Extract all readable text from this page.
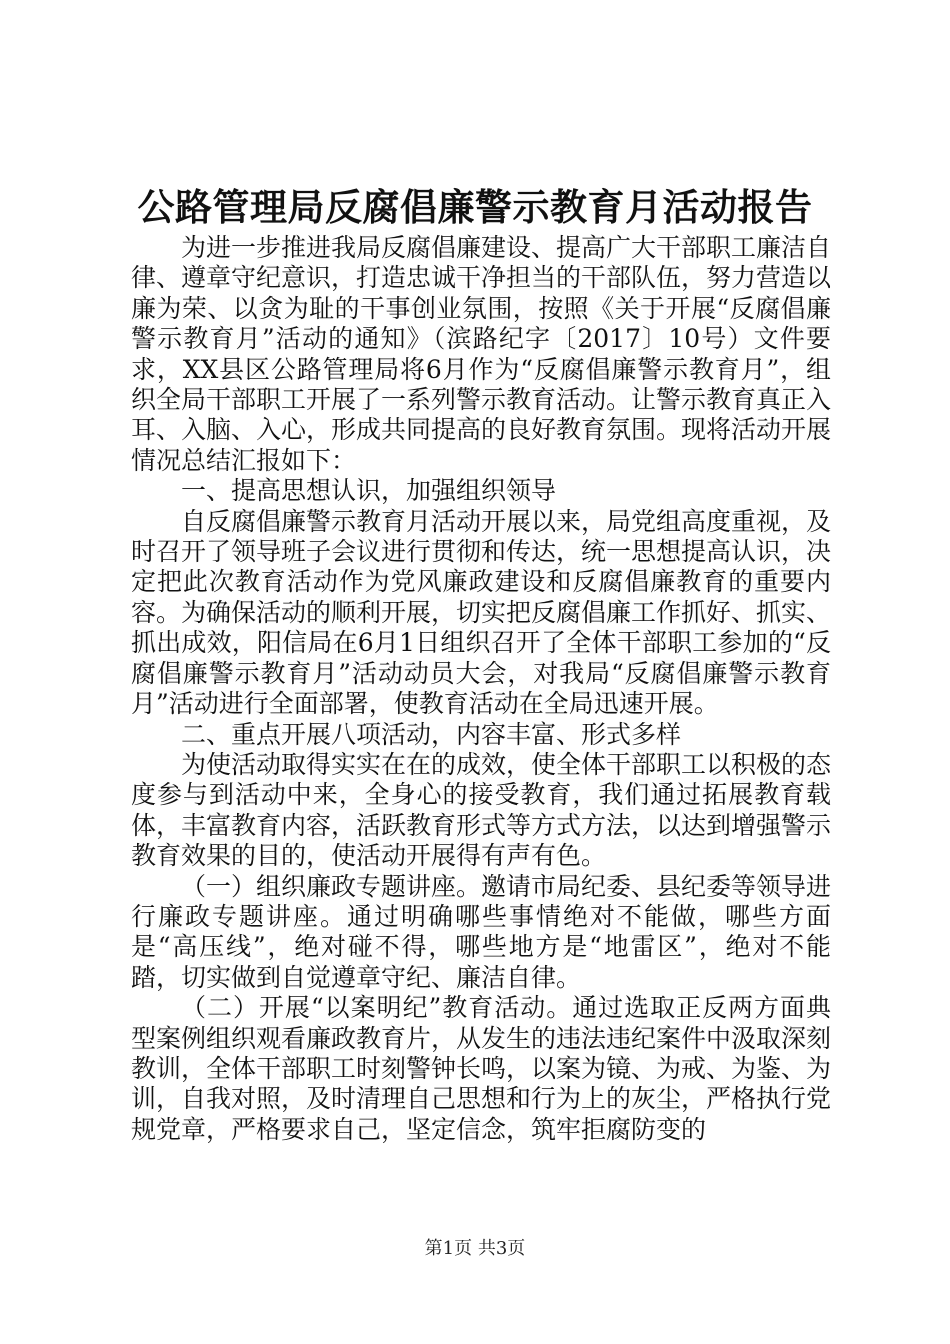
公路管理局反腐倡廉警示教育月活动报告

为进一步推进我局反腐倡廉建设、提高广大干部职工廉洁自律、遵章守纪意识，打造忠诚干净担当的干部队伍，努力营造以廉为荣、以贪为耻的干事创业氛围，按照《关于开展“反腐倡廉警示教育月”活动的通知》（滨路纪字〔2017〕10号）文件要求，XX县区公路管理局将6月作为“反腐倡廉警示教育月”，组织全局干部职工开展了一系列警示教育活动。让警示教育真正入耳、入脑、入心，形成共同提高的良好教育氛围。现将活动开展情况总结汇报如下：

一、提高思想认识，加强组织领导

自反腐倡廉警示教育月活动开展以来，局党组高度重视，及时召开了领导班子会议进行贯彻和传达，统一思想提高认识，决定把此次教育活动作为党风廉政建设和反腐倡廉教育的重要内容。为确保活动的顺利开展，切实把反腐倡廉工作抓好、抓实、抓出成效，阳信局在6月1日组织召开了全体干部职工参加的“反腐倡廉警示教育月”活动动员大会，对我局“反腐倡廉警示教育月”活动进行全面部署，使教育活动在全局迅速开展。

二、重点开展八项活动，内容丰富、形式多样

为使活动取得实实在在的成效，使全体干部职工以积极的态度参与到活动中来，全身心的接受教育，我们通过拓展教育载体，丰富教育内容，活跃教育形式等方式方法，以达到增强警示教育效果的目的，使活动开展得有声有色。

（一）组织廉政专题讲座。邀请市局纪委、县纪委等领导进行廉政专题讲座。通过明确哪些事情绝对不能做，哪些方面是“高压线”，绝对碰不得，哪些地方是“地雷区”，绝对不能踏，切实做到自觉遵章守纪、廉洁自律。

（二）开展“以案明纪”教育活动。通过选取正反两方面典型案例组织观看廉政教育片，从发生的违法违纪案件中汲取深刻教训，全体干部职工时刻警钟长鸣，以案为镜、为戒、为鉴、为训，自我对照，及时清理自己思想和行为上的灰尘，严格执行党规党章，严格要求自己，坚定信念，筑牢拒腐防变的

第1页 共3页
